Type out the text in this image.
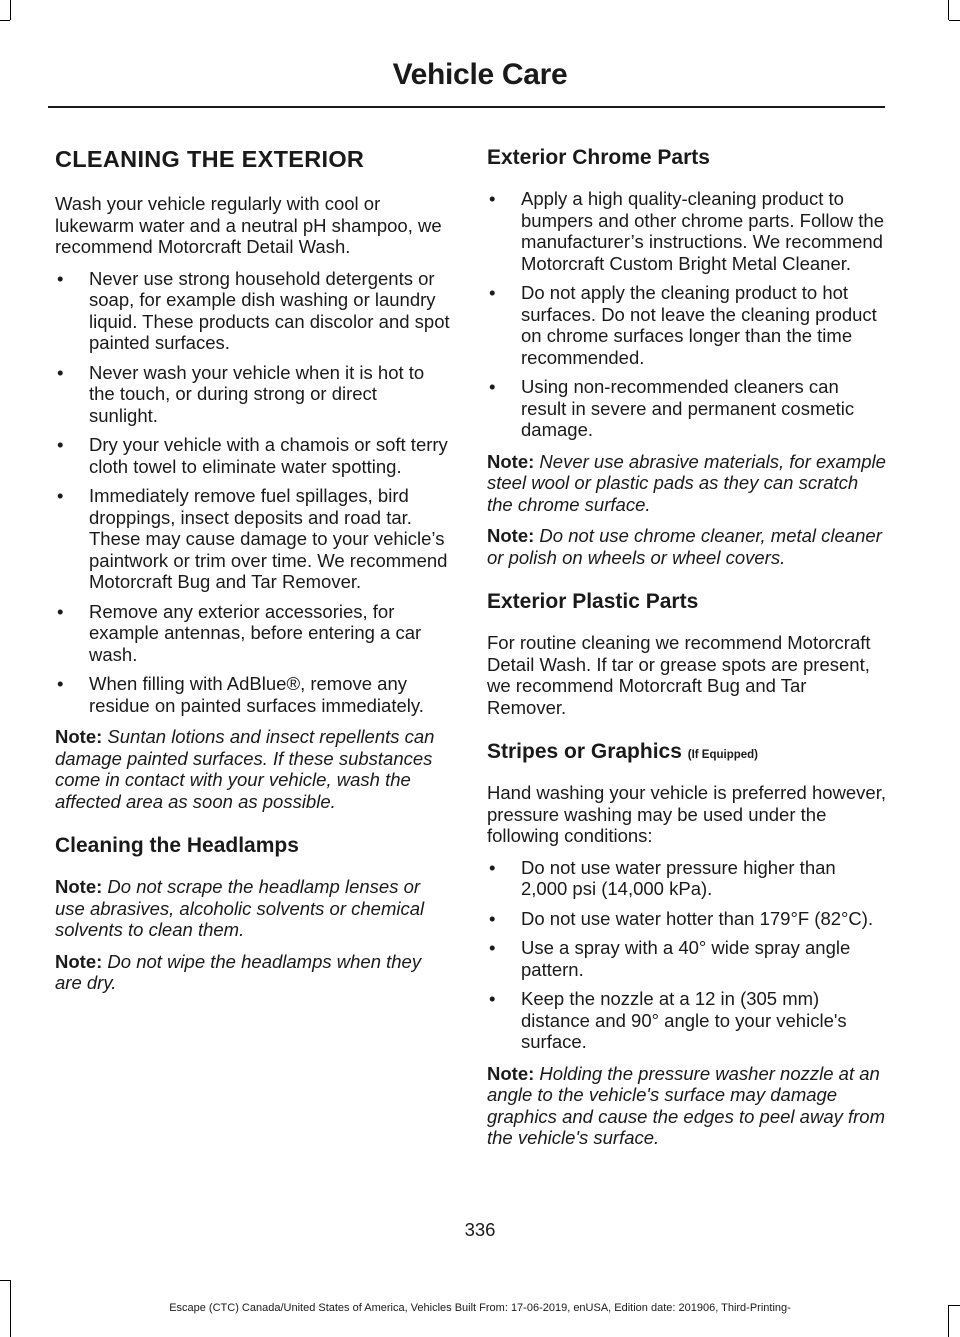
Vehicle Care
CLEANING THE EXTERIOR

Wash your vehicle regularly with cool or lukewarm water and a neutral pH shampoo, we recommend Motorcraft Detail Wash.

• Never use strong household detergents or soap, for example dish washing or laundry liquid. These products can discolor and spot painted surfaces.
• Never wash your vehicle when it is hot to the touch, or during strong or direct sunlight.
• Dry your vehicle with a chamois or soft terry cloth towel to eliminate water spotting.
• Immediately remove fuel spillages, bird droppings, insect deposits and road tar. These may cause damage to your vehicle’s paintwork or trim over time. We recommend Motorcraft Bug and Tar Remover.
• Remove any exterior accessories, for example antennas, before entering a car wash.
• When filling with AdBlue®, remove any residue on painted surfaces immediately.

Note: Suntan lotions and insect repellents can damage painted surfaces. If these substances come in contact with your vehicle, wash the affected area as soon as possible.

Cleaning the Headlamps

Note: Do not scrape the headlamp lenses or use abrasives, alcoholic solvents or chemical solvents to clean them.

Note: Do not wipe the headlamps when they are dry.

Exterior Chrome Parts
• Apply a high quality-cleaning product to bumpers and other chrome parts. Follow the manufacturer’s instructions. We recommend Motorcraft Custom Bright Metal Cleaner.
• Do not apply the cleaning product to hot surfaces. Do not leave the cleaning product on chrome surfaces longer than the time recommended.
• Using non-recommended cleaners can result in severe and permanent cosmetic damage.

Note: Never use abrasive materials, for example steel wool or plastic pads as they can scratch the chrome surface.

Note: Do not use chrome cleaner, metal cleaner or polish on wheels or wheel covers.

Exterior Plastic Parts

For routine cleaning we recommend Motorcraft Detail Wash. If tar or grease spots are present, we recommend Motorcraft Bug and Tar Remover.

Stripes or Graphics (If Equipped)

Hand washing your vehicle is preferred however, pressure washing may be used under the following conditions:

• Do not use water pressure higher than 2,000 psi (14,000 kPa).
• Do not use water hotter than 179°F (82°C).
• Use a spray with a 40° wide spray angle pattern.
• Keep the nozzle at a 12 in (305 mm) distance and 90° angle to your vehicle's surface.

Note: Holding the pressure washer nozzle at an angle to the vehicle's surface may damage graphics and cause the edges to peel away from the vehicle's surface.

336
Escape (CTC) Canada/United States of America, Vehicles Built From: 17-06-2019, enUSA, Edition date: 201906, Third-Printing-
